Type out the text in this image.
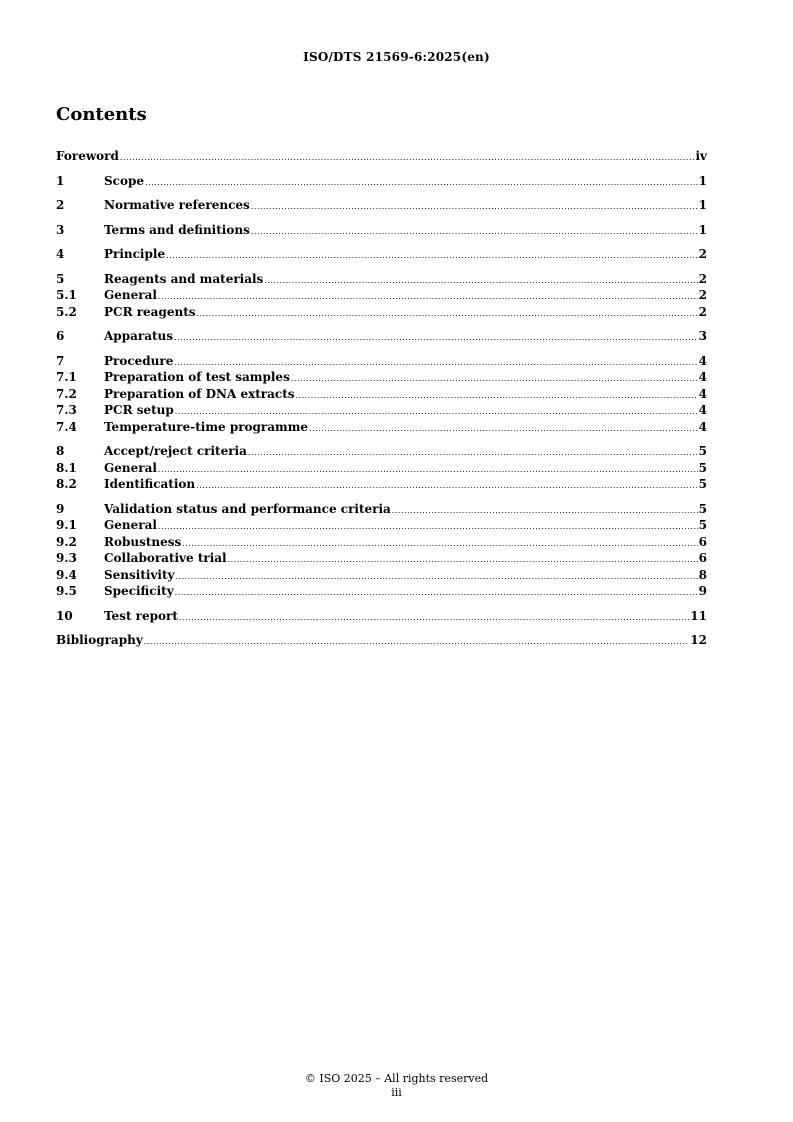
ISO/DTS 21569-6:2025(en)
Contents
Foreword .....	iv
1	Scope .....	1
2	Normative references .....	1
3	Terms and definitions .....	1
4	Principle .....	2
5	Reagents and materials .....	2
5.1	General .....	2
5.2	PCR reagents .....	2
6	Apparatus .....	3
7	Procedure .....	4
7.1	Preparation of test samples .....	4
7.2	Preparation of DNA extracts .....	4
7.3	PCR setup .....	4
7.4	Temperature-time programme .....	4
8	Accept/reject criteria .....	5
8.1	General .....	5
8.2	Identification .....	5
9	Validation status and performance criteria .....	5
9.1	General .....	5
9.2	Robustness .....	6
9.3	Collaborative trial .....	6
9.4	Sensitivity .....	8
9.5	Specificity .....	9
10	Test report .....	11
Bibliography .....	12
© ISO 2025 – All rights reserved
iii
